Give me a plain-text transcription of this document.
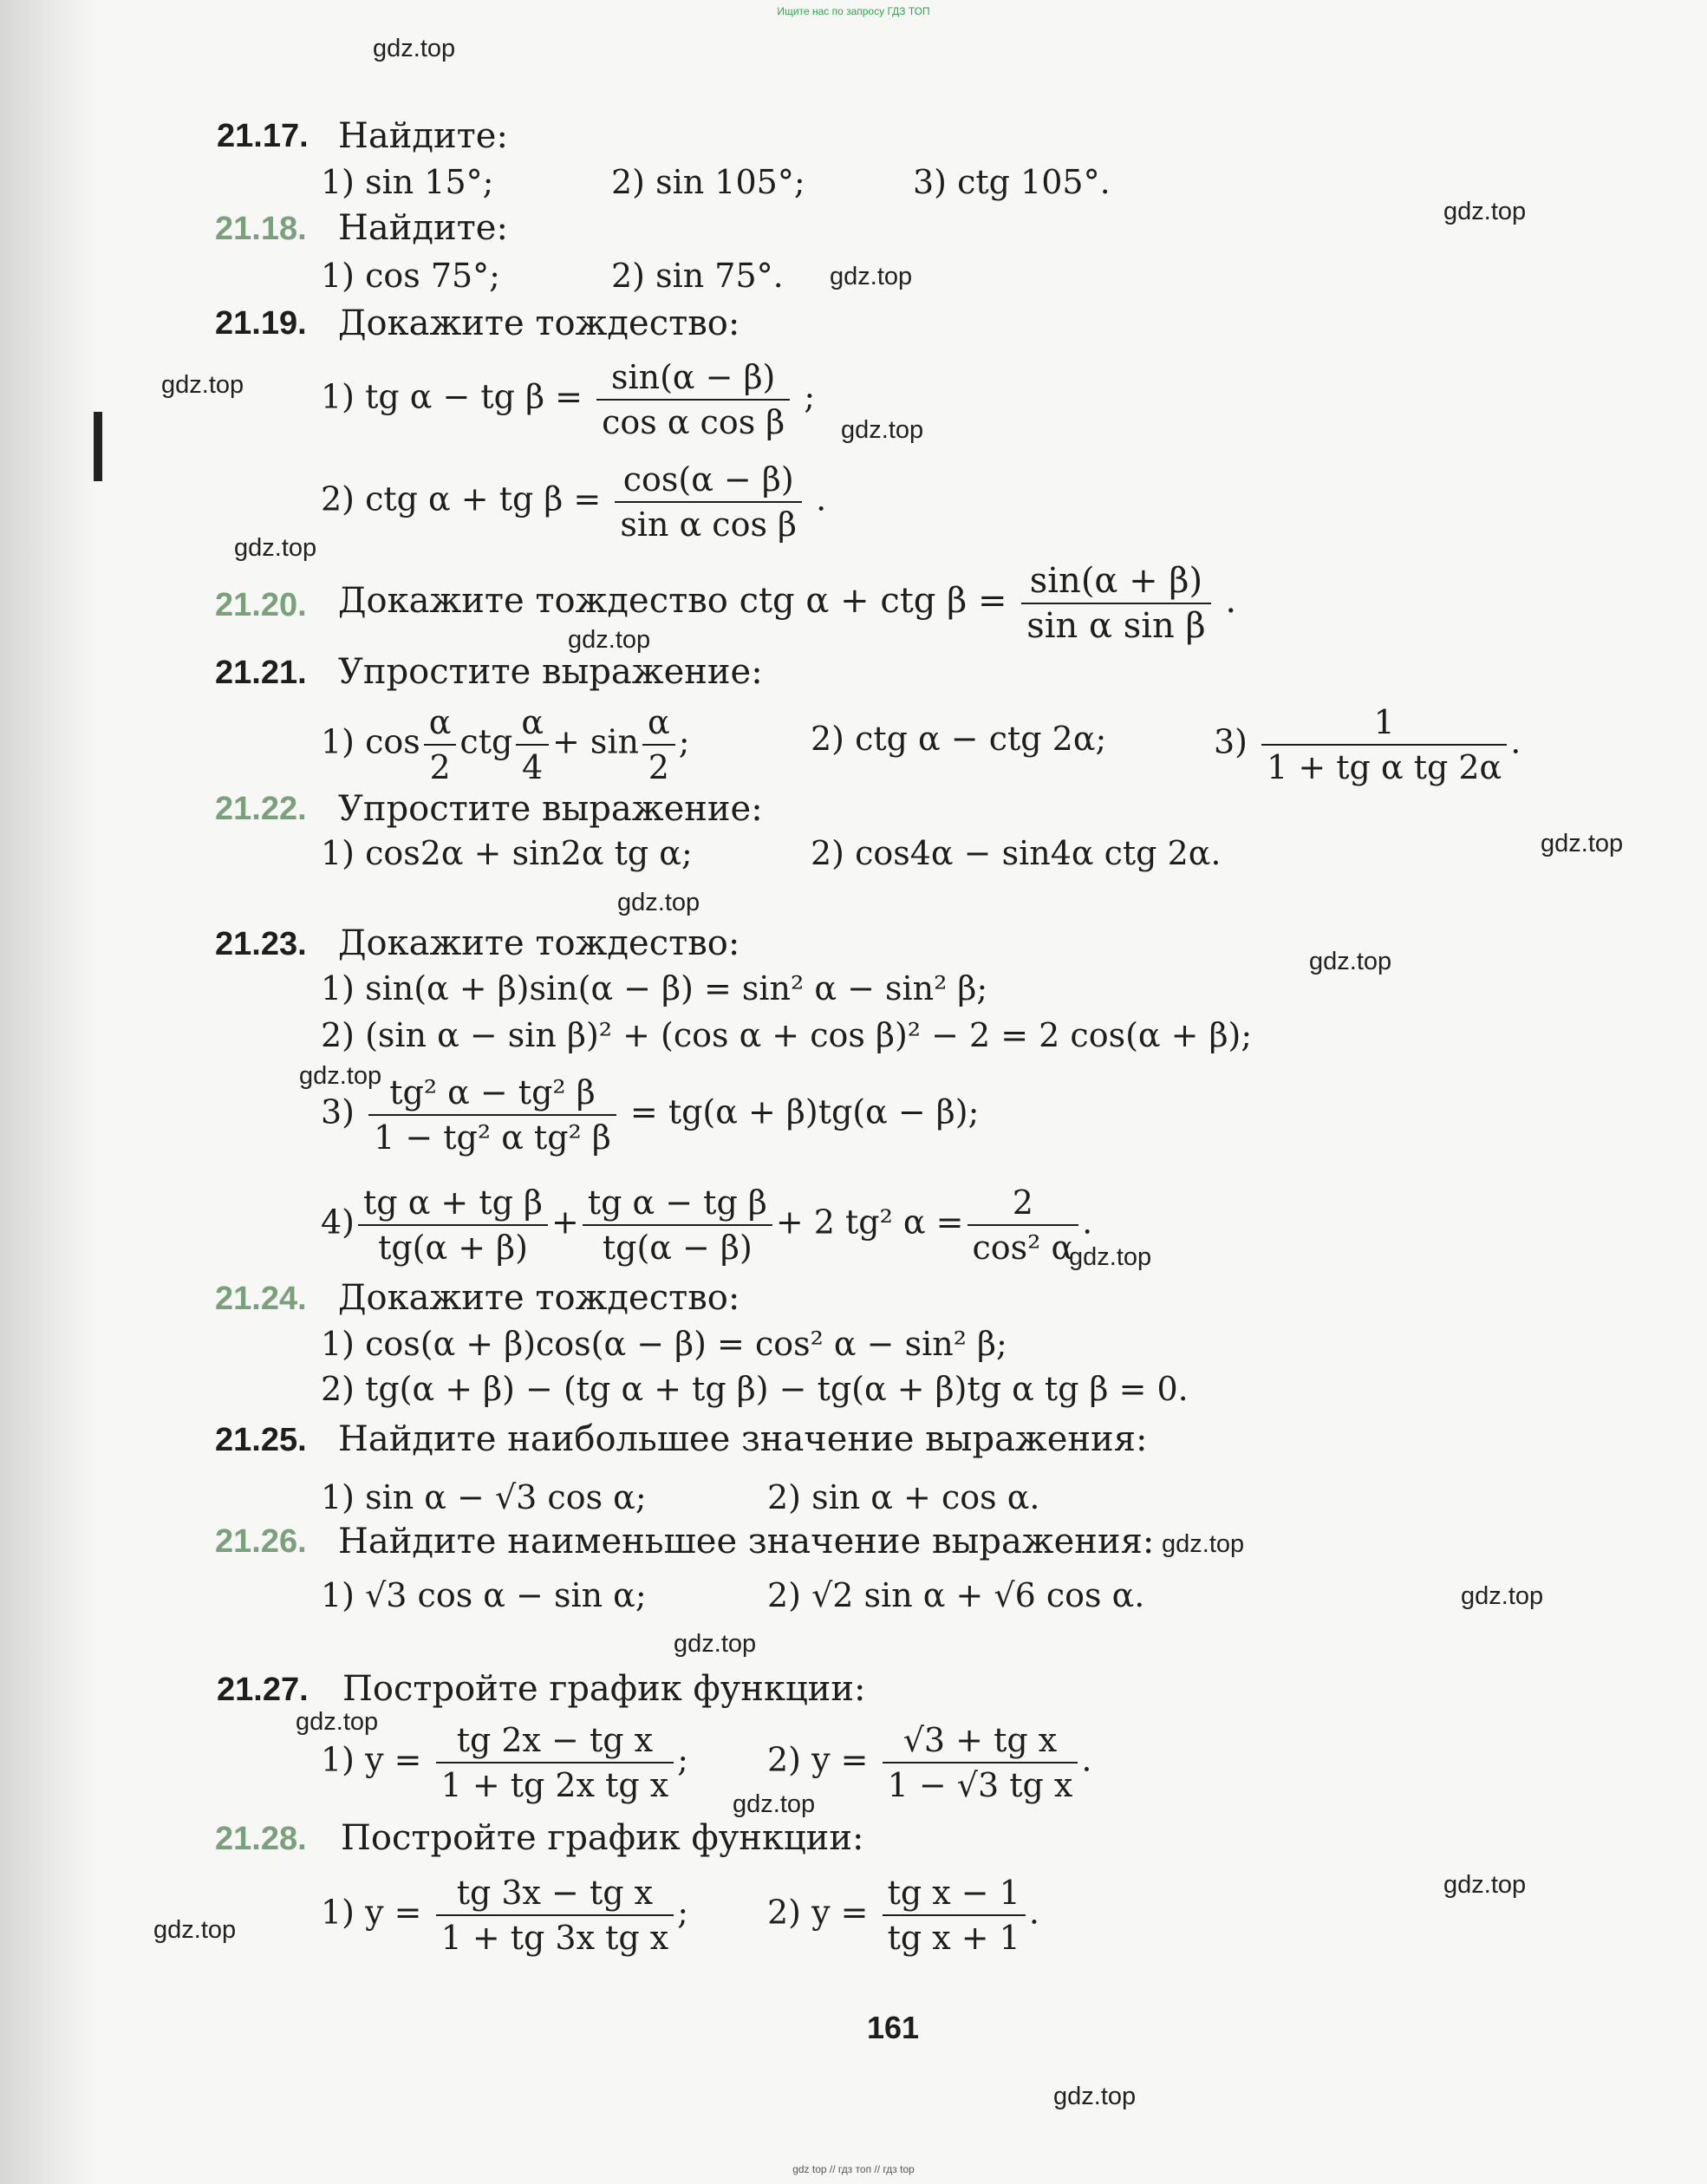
Ищите нас по запросу ГДЗ ТОП
gdz.top
gdz.top
gdz.top
gdz.top
gdz.top
gdz.top
gdz.top
gdz.top
gdz.top
gdz.top
gdz.top
gdz.top
gdz.top
gdz.top
gdz.top
gdz.top
gdz.top
gdz.top
gdz.top
gdz.top
21.17. Найдите:
1) sin 15°;	2) sin 105°;	3) ctg 105°.
21.18. Найдите:
1) cos 75°;	2) sin 75°.
21.19. Докажите тождество:
1) tg α − tg $\beta = \frac{\sin(\alpha - \beta)}{\text{cos α cos β}}$ ;
2) ctg α + tg $\beta = \frac{\cos(\alpha - \beta)}{\text{sin α cos β}}$ .
21.20. Докажите тождество ctg α + ctg $\beta = \frac{\sin(\alpha + \beta)}{\text{sin α sin β}}$ .
21.21. Упростите выражение:
1) $\cos \frac{\alpha}{2}$ ctg $\frac{\alpha}{4} + \sin \frac{\alpha}{2}$ ;	2) ctg α − ctg 2α;	$3) \frac{1}{\text{1 + tg α tg 2α}}$ .
21.22. Упростите выражение:
1) cos2α + sin2α tg α;	2) cos4α − sin4α ctg 2α.
21.23. Докажите тождество:
1) sin(α + β)sin(α − β) = sin² α − sin² β;
2) (sin α − sin β)² + (cos α + cos β)² − 2 = 2 cos(α + β);
$3) \frac{\text{tg² α − tg² β}}{\text{1 − tg² α tg² β}} = tg(\alpha + \beta)tg(\alpha - \beta)$;
$4) \frac{\text{tg α + tg β}}{tg(\alpha + \beta)} + \frac{\text{tg α − tg β}}{tg(\alpha - \beta)} + 2$ tg² $\alpha = \frac{2}{\text{cos² α}}$ .
21.24. Докажите тождество:
1) cos(α + β)cos(α − β) = cos² α − sin² β;
2) tg(α + β) − (tg α + tg β) − tg(α + β)tg α tg β = 0.
21.25. Найдите наибольшее значение выражения:
1) sin α − √3 cos α;	2) sin α + cos α.
21.26. Найдите наименьшее значение выражения:
1) √3 cos α − sin α;	2) √2 sin α + √6 cos α.
21.27. Постройте график функции:
1) $y = \frac{\text{tg 2x − tg x}}{\text{1 + tg 2x tg x}}$ ; 2) $y = \frac{\text{√3 + tg x}}{\text{1 − √3 tg x}}$ .
21.28. Постройте график функции:
1) $y = \frac{\text{tg 3x − tg x}}{\text{1 + tg 3x tg x}}$ ; 2) $y = \frac{\text{tg x − 1}}{\text{tg x + 1}}$ .
161
gdz top // гдз топ // гдз top
